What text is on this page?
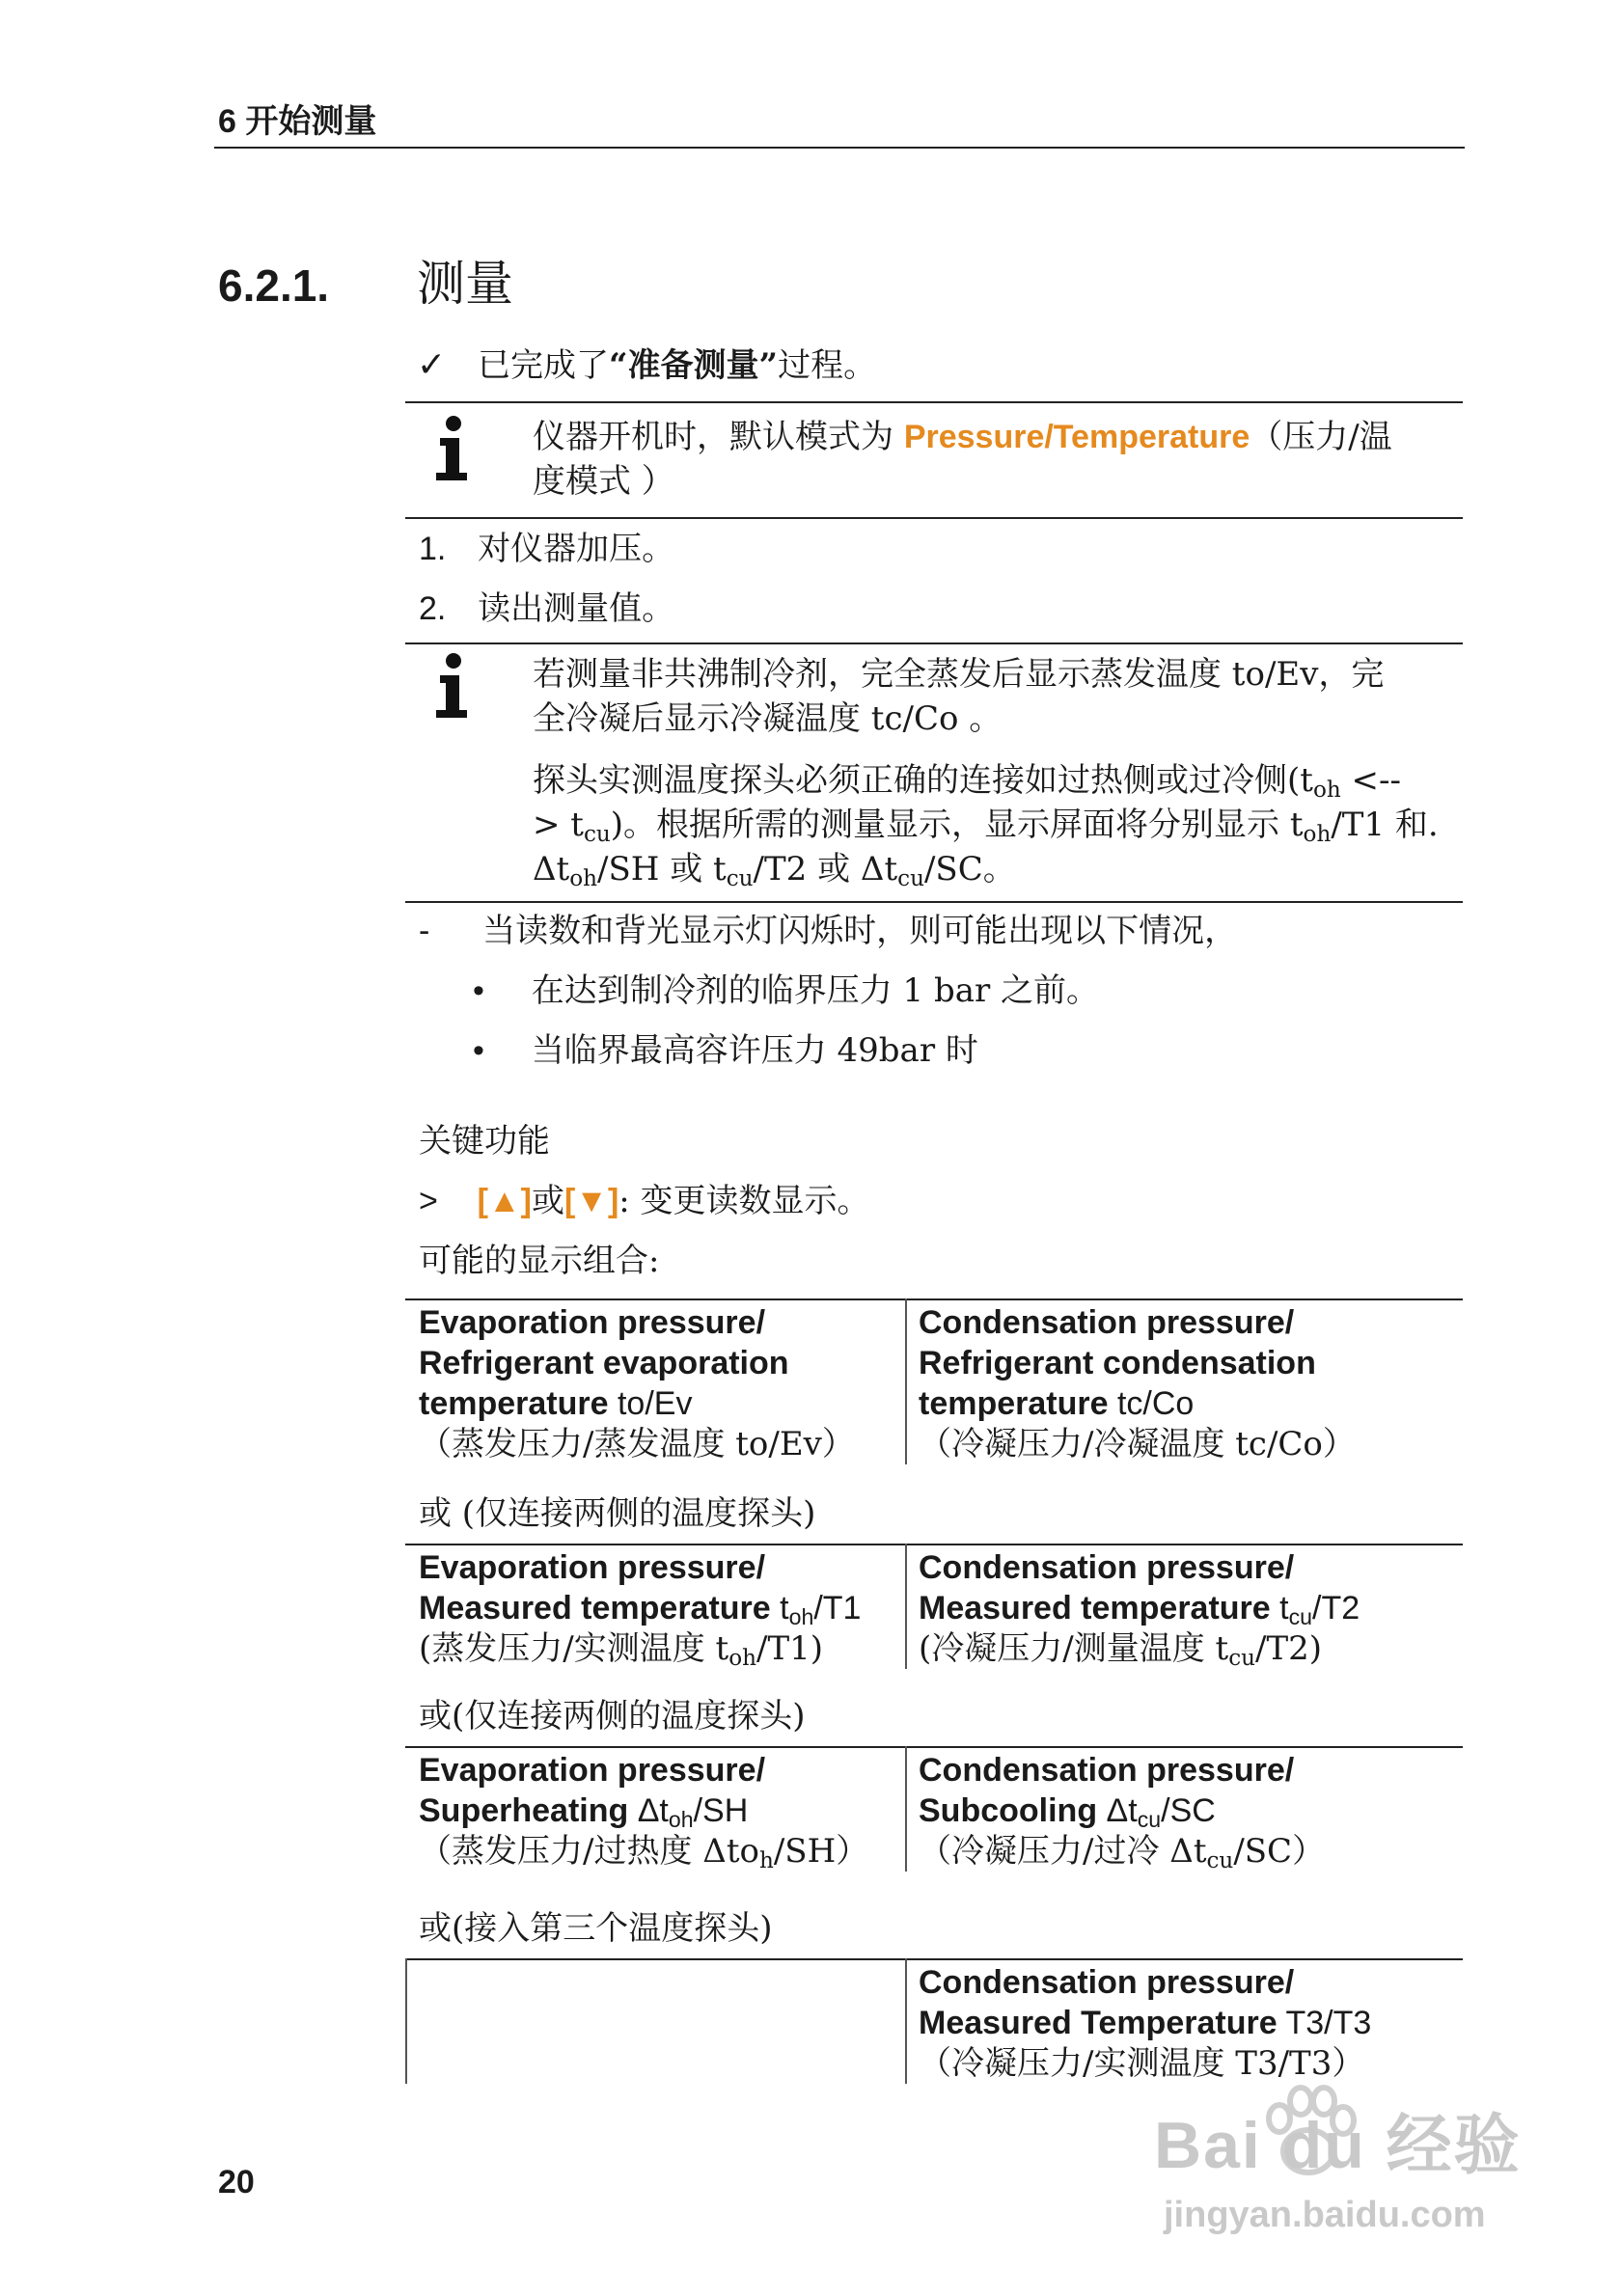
6 开始测量
6.2.1. 测量
✓ 已完成了“准备测量”过程。
仪器开机时，默认模式为 Pressure/Temperature（压力/温
度模式 ）
1. 对仪器加压。
2. 读出测量值。
若测量非共沸制冷剂，完全蒸发后显示蒸发温度 to/Ev，完
全冷凝后显示冷凝温度 tc/Co 。
探头实测温度探头必须正确的连接如过热侧或过冷侧($t_{oh}$ <--
> $t_{cu}$)。根据所需的测量显示，显示屏面将分别显示 $t_{oh}/T1$ 和.
$\Delta t_{oh}/SH$ 或 $t_{cu}/T2$ 或 $\Delta t_{cu}/SC$。
- 当读数和背光显示灯闪烁时，则可能出现以下情况，
• 在达到制冷剂的临界压力 1 bar 之前。
• 当临界最高容许压力 49bar 时
关键功能
> [▲]或[▼]: 变更读数显示。
可能的显示组合:
Evaporation pressure/
Refrigerant evaporation
temperature to/Ev
（蒸发压力/蒸发温度 to/Ev）
Condensation pressure/
Refrigerant condensation
temperature tc/Co
（冷凝压力/冷凝温度 tc/Co）
或 (仅连接两侧的温度探头)
Evaporation pressure/
Measured temperature $t_{oh}/T1$
(蒸发压力/实测温度 $t_{oh}/T1$)
Condensation pressure/
Measured temperature $t_{cu}/T2$
(冷凝压力/测量温度 $t_{cu}/T2$)
或(仅连接两侧的温度探头)
Evaporation pressure/
Superheating $\Delta t_{oh}/SH$
（蒸发压力/过热度 Δto$_h$/SH）
Condensation pressure/
Subcooling $\Delta t_{cu}/SC$
（冷凝压力/过冷 $\Delta t_{cu}/SC$）
或(接入第三个温度探头)
Condensation pressure/
Measured Temperature T3/T3
（冷凝压力/实测温度 T3/T3）
20	Bai du 经验
jingyan.baidu.com
